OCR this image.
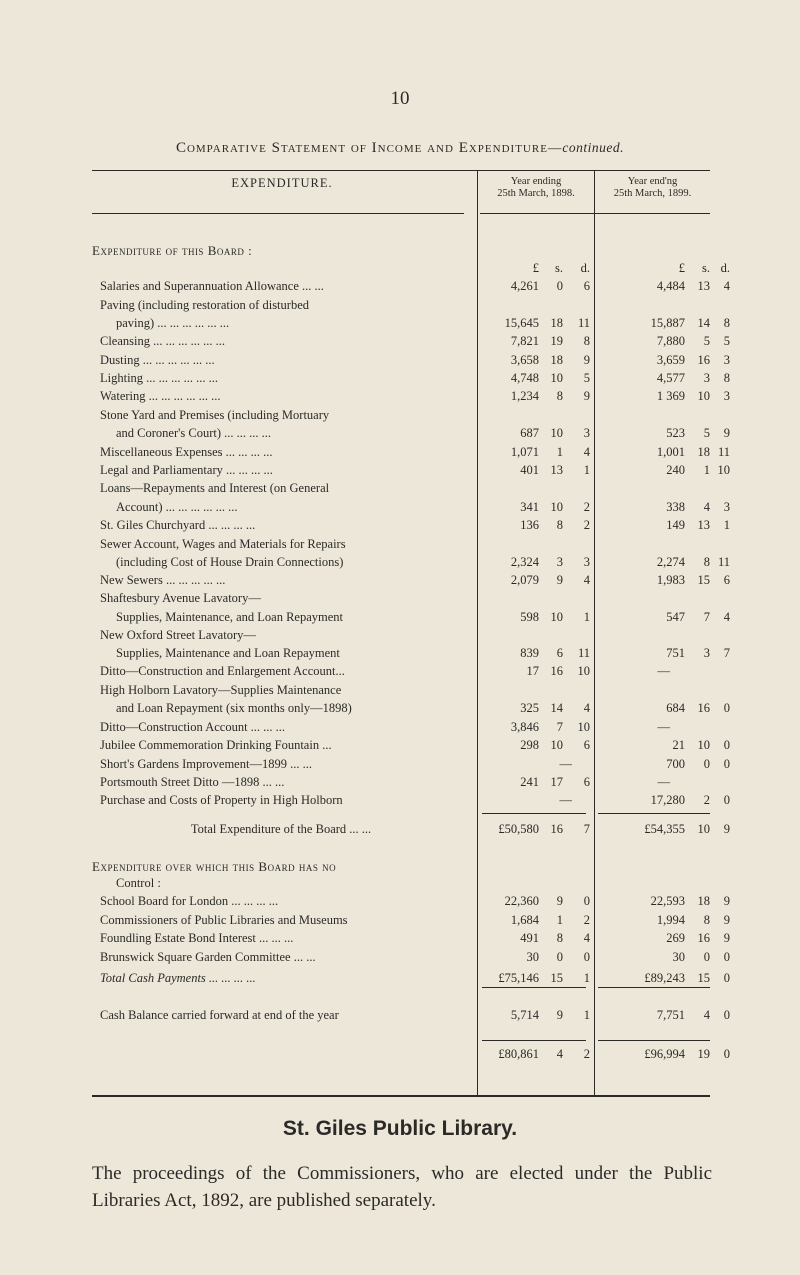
10
Comparative Statement of Income and Expenditure—continued.
EXPENDITURE.	Year ending
25th March, 1898.
Year end'ng
25th March, 1899.
Expenditure of this Board :
£	s.	d.	£	s. d.
Salaries and Superannuation Allowance ... ...	4,261	0	6	4,484	13	4
Paving (including restoration of disturbed
paving) ... ... ... ... ... ...	15,645 18	11	15,887	14	8
Cleansing ... ... ... ... ... ...	7,821 19	8	7,880	5	5
Dusting ... ... ... ... ... ...	3,658 18	9	3,659	16	3
Lighting ... ... ... ... ... ...	4,748 10	5	4,577	3	8
Watering ... ... ... ... ... ...	1,234	8	9	1 369	10	3
Stone Yard and Premises (including Mortuary
and Coroner's Court) ... ... ... ...	687 10	3	523	5	9
Miscellaneous Expenses ... ... ... ...	1,071	1	4	1,001	18 11
Legal and Parliamentary ... ... ... ...	401 13	1	240	1 10
Loans—Repayments and Interest (on General
Account) ... ... ... ... ... ...	341 10	2	338	4	3
St. Giles Churchyard ... ... ... ...	136	8	2	149	13	1
Sewer Account, Wages and Materials for Repairs
(including Cost of House Drain Connections)	2,324	3	3	2,274	8 11
New Sewers ... ... ... ... ...	2,079	9	4	1,983	15	6
Shaftesbury Avenue Lavatory—
Supplies, Maintenance, and Loan Repayment	598 10	1	547	7	4
New Oxford Street Lavatory—
Supplies, Maintenance and Loan Repayment	839	6	11	751	3	7
Ditto—Construction and Enlargement Account...	17 16	10	—
High Holborn Lavatory—Supplies Maintenance
and Loan Repayment (six months only—1898)	325 14	4	684	16	0
Ditto—Construction Account ... ... ...	3,846	7	10	—
Jubilee Commemoration Drinking Fountain ...	298 10	6	21	10	0
Short's Gardens Improvement—1899 ... ...	—	700	0	0
Portsmouth Street Ditto —1898 ... ...	241 17	6	—
Purchase and Costs of Property in High Holborn	—	17,280	2	0
Total Expenditure of the Board ... ...	£50,580 16	7	£54,355	10	9
Expenditure over which this Board has no
Control :
School Board for London ... ... ... ...	22,360	9	0	22,593	18	9
Commissioners of Public Libraries and Museums	1,684	1	2	1,994	8	9
Foundling Estate Bond Interest ... ... ...	491	8	4	269	16	9
Brunswick Square Garden Committee ... ...	30	0	0	30	0	0
Total Cash Payments ... ... ... ...	£75,146 15	1	£89,243	15	0
Cash Balance carried forward at end of the year	5,714	9	1	7,751	4	0
£80,861	4	2	£96,994	19	0
St. Giles Public Library.
The proceedings of the Commissioners, who are elected under the Public Libraries Act, 1892, are published separately.
